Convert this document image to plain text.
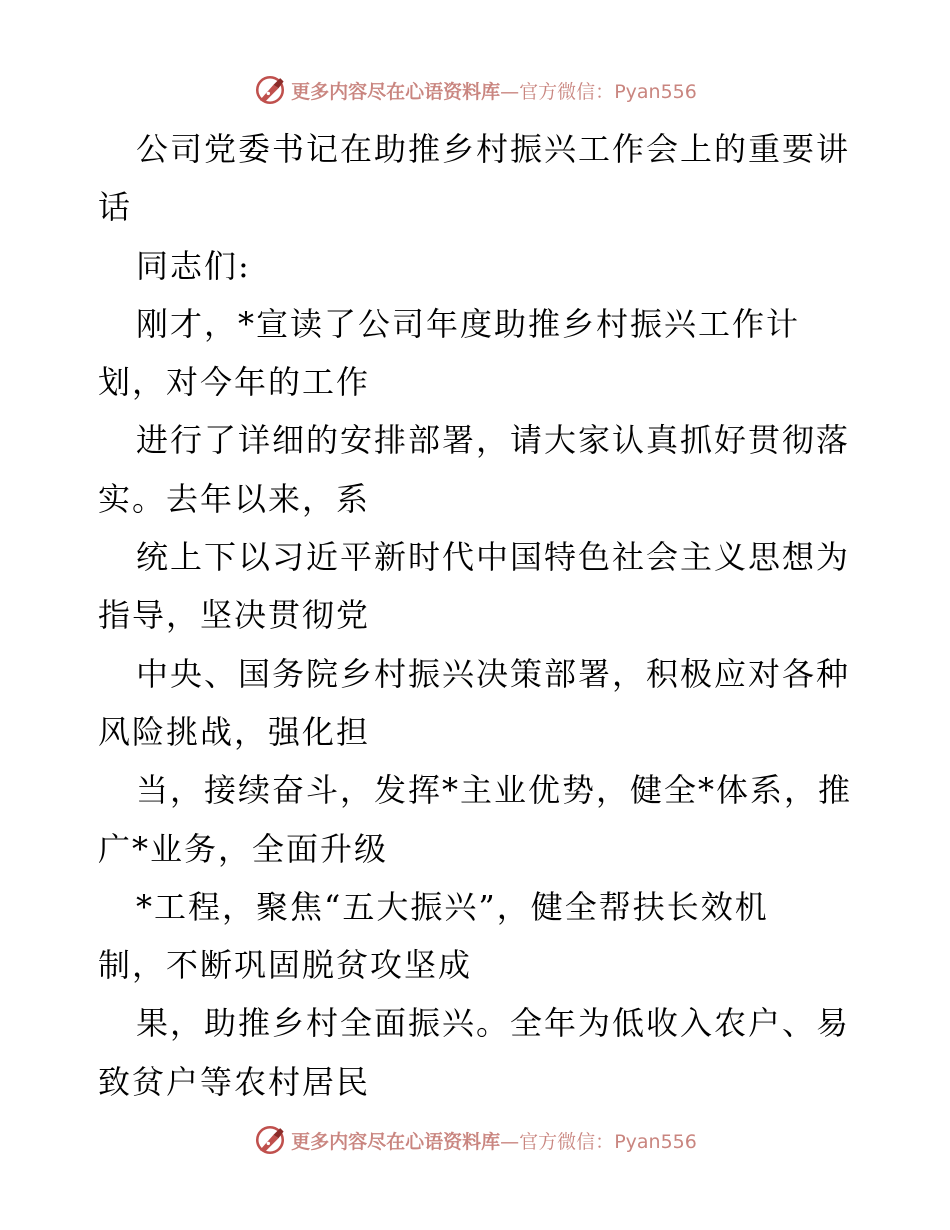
更多内容尽在心语资料库—官方微信：Pyan556
公司党委书记在助推乡村振兴工作会上的重要讲
话
同志们:
刚才，*宣读了公司年度助推乡村振兴工作计
划，对今年的工作
进行了详细的安排部署，请大家认真抓好贯彻落
实。去年以来，系
统上下以习近平新时代中国特色社会主义思想为
指导，坚决贯彻党
中央、国务院乡村振兴决策部署，积极应对各种
风险挑战，强化担
当，接续奋斗，发挥*主业优势，健全*体系，推
广*业务，全面升级
*工程，聚焦“五大振兴”，健全帮扶长效机
制，不断巩固脱贫攻坚成
果，助推乡村全面振兴。全年为低收入农户、易
致贫户等农村居民
更多内容尽在心语资料库—官方微信：Pyan556
